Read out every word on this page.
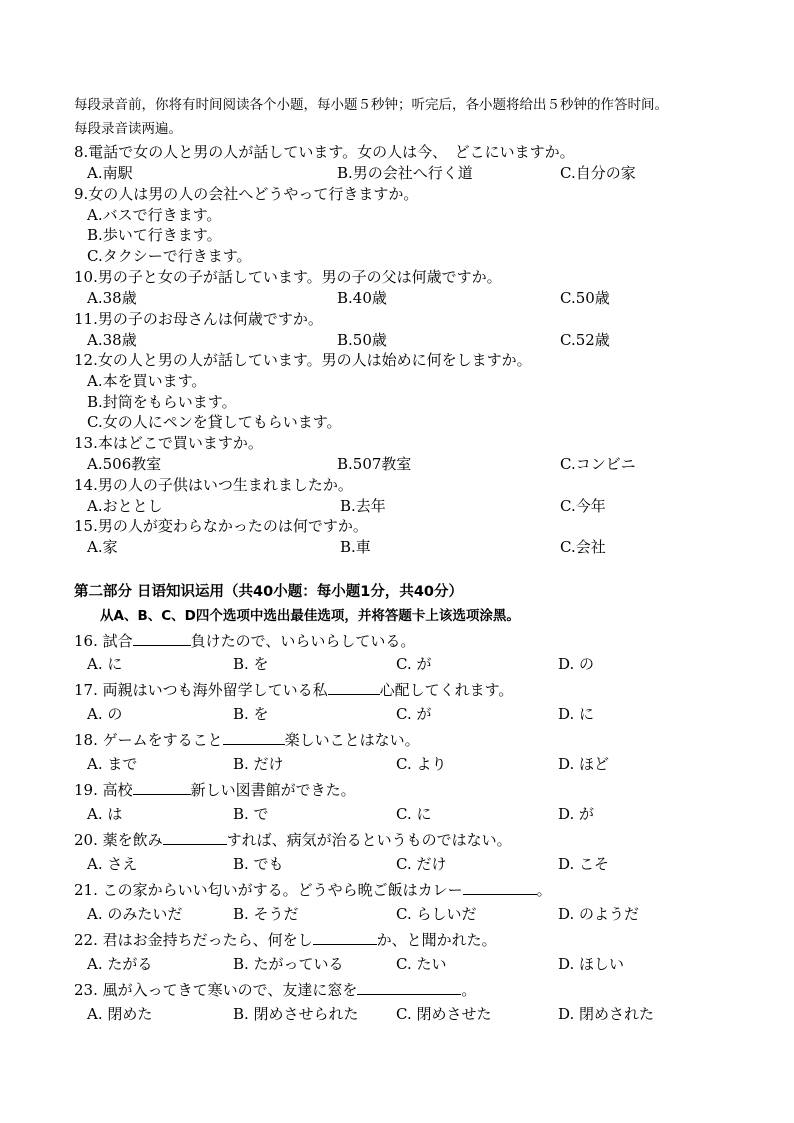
每段录音前，你将有时间阅读各个小题，每小题５秒钟；听完后，各小题将给出５秒钟的作答时间。
每段录音读两遍。
8.電話で女の人と男の人が話しています。女の人は今、　どこにいますか。
A.南駅	B.男の会社へ行く道	C.自分の家
9.女の人は男の人の会社へどうやって行きますか。
A.バスで行きます。
B.歩いて行きます。
C.タクシーで行きます。
10.男の子と女の子が話しています。男の子の父は何歳ですか。
A.38歳	B.40歳	C.50歳
11.男の子のお母さんは何歳ですか。
A.38歳	B.50歳	C.52歳
12.女の人と男の人が話しています。男の人は始めに何をしますか。
A.本を買います。
B.封筒をもらいます。
C.女の人にペンを貸してもらいます。
13.本はどこで買いますか。
A.506教室	B.507教室	C.コンビニ
14.男の人の子供はいつ生まれましたか。
A.おととし	B.去年	C.今年
15.男の人が変わらなかったのは何ですか。
A.家	B.車	C.会社
第二部分 日语知识运用（共40小题：每小题1分，共40分）
从A、B、C、D四个选项中选出最佳选项，并将答题卡上该选项涂黑。
16. 試合	負けたので、いらいらしている。
A. に	B. を	C. が	D. の
17. 両親はいつも海外留学している私	心配してくれます。
A. の	B. を	C. が	D. に
18. ゲームをすること	楽しいことはない。
A. まで	B. だけ	C. より	D. ほど
19. 高校	新しい図書館ができた。
A. は	B. で	C. に	D. が
20. 薬を飲み	すれば、病気が治るというものではない。
A. さえ	B. でも	C. だけ	D. こそ
21. この家からいい匂いがする。どうやら晩ご飯はカレー	。
A. のみたいだ	B. そうだ	C. らしいだ	D. のようだ
22. 君はお金持ちだったら、何をし	か、と聞かれた。
A. たがる	B. たがっている	C. たい	D. ほしい
23. 風が入ってきて寒いので、友達に窓を	。
A. 閉めた	B. 閉めさせられた C. 閉めさせた	D. 閉めされた
